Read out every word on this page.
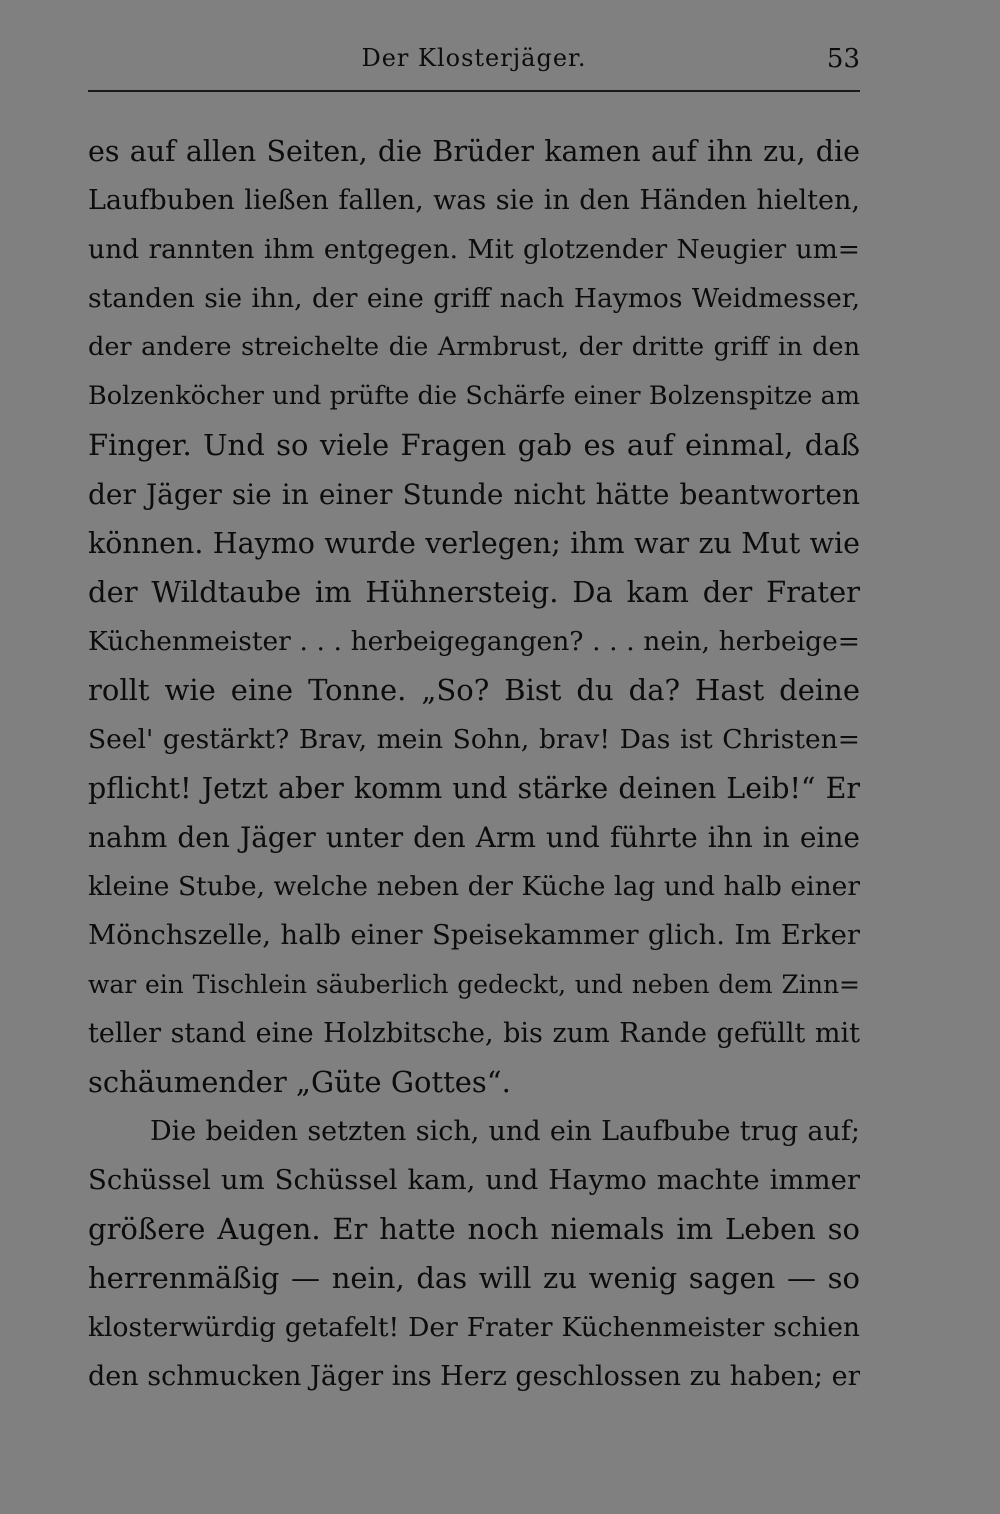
Der Klosterjäger.	53
es auf allen Seiten, die Brüder kamen auf ihn zu, die
Laufbuben ließen fallen, was sie in den Händen hielten,
und rannten ihm entgegen. Mit glotzender Neugier um=
standen sie ihn, der eine griff nach Haymos Weidmesser,
der andere streichelte die Armbrust, der dritte griff in den
Bolzenköcher und prüfte die Schärfe einer Bolzenspitze am
Finger. Und so viele Fragen gab es auf einmal, daß
der Jäger sie in einer Stunde nicht hätte beantworten
können. Haymo wurde verlegen; ihm war zu Mut wie
der Wildtaube im Hühnersteig. Da kam der Frater
Küchenmeister . . . herbeigegangen? . . . nein, herbeige=
rollt wie eine Tonne. „So? Bist du da? Hast deine
Seel' gestärkt? Brav, mein Sohn, brav! Das ist Christen=
pflicht! Jetzt aber komm und stärke deinen Leib!“ Er
nahm den Jäger unter den Arm und führte ihn in eine
kleine Stube, welche neben der Küche lag und halb einer
Mönchszelle, halb einer Speisekammer glich. Im Erker
war ein Tischlein säuberlich gedeckt, und neben dem Zinn=
teller stand eine Holzbitsche, bis zum Rande gefüllt mit
schäumender „Güte Gottes“.
Die beiden setzten sich, und ein Laufbube trug auf;
Schüssel um Schüssel kam, und Haymo machte immer
größere Augen. Er hatte noch niemals im Leben so
herrenmäßig — nein, das will zu wenig sagen — so
klosterwürdig getafelt! Der Frater Küchenmeister schien
den schmucken Jäger ins Herz geschlossen zu haben; er
